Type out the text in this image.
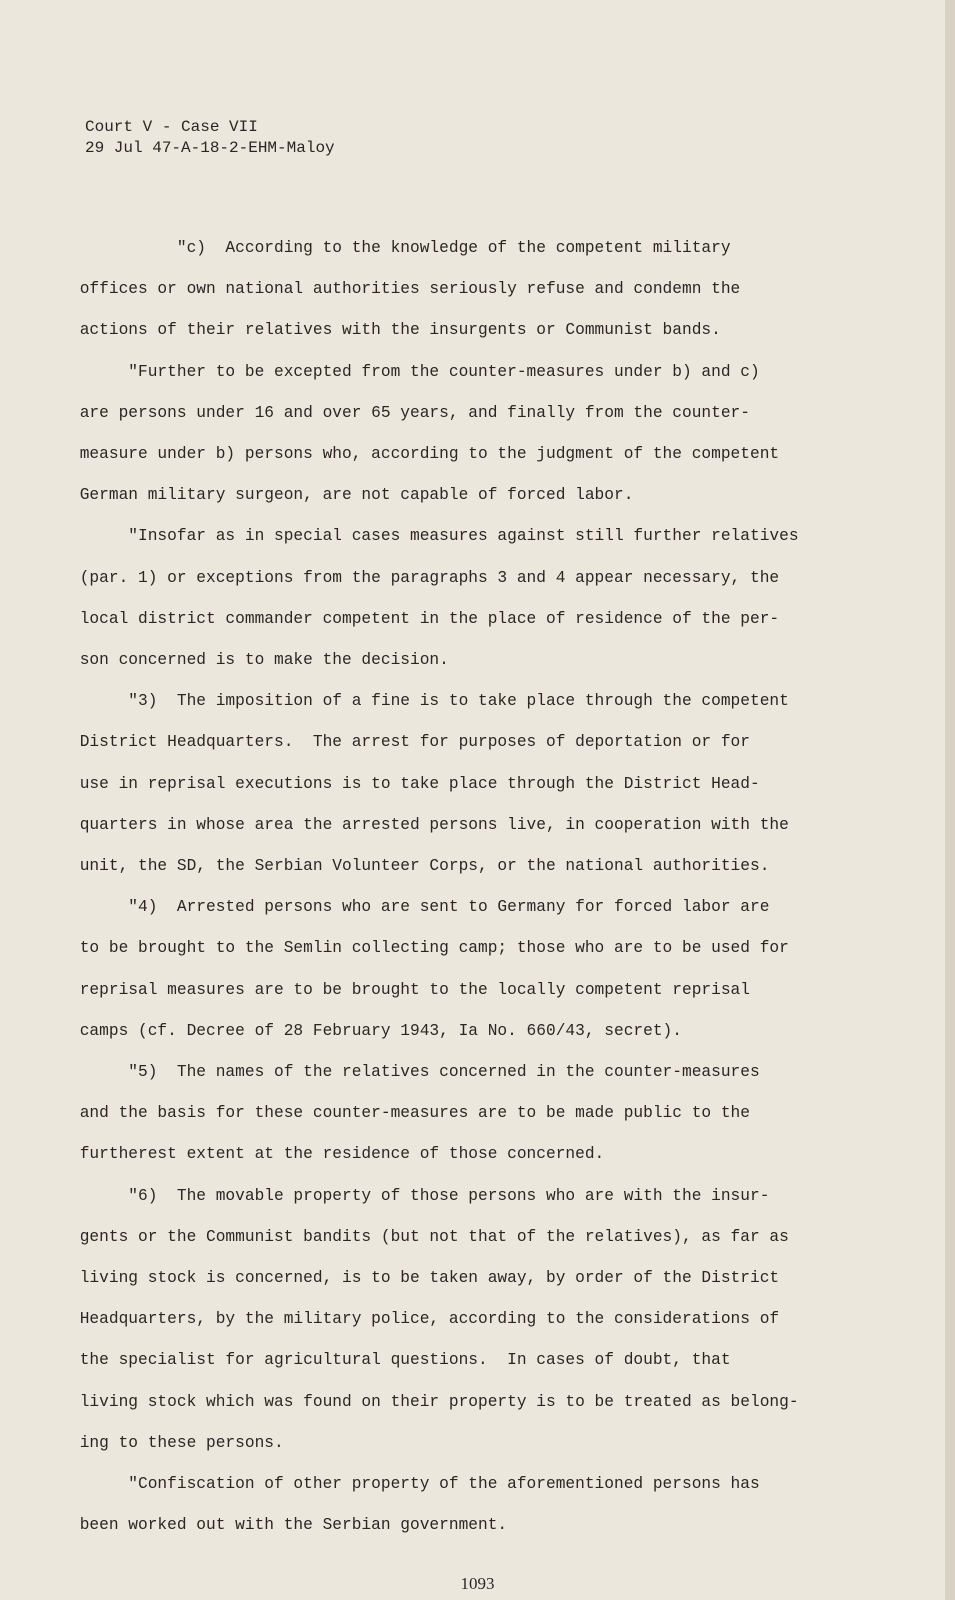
Court V - Case VII
29 Jul 47-A-18-2-EHM-Maloy
"c)  According to the knowledge of the competent military
offices or own national authorities seriously refuse and condemn the
actions of their relatives with the insurgents or Communist bands.
"Further to be excepted from the counter-measures under b) and c)
are persons under 16 and over 65 years, and finally from the counter-
measure under b) persons who, according to the judgment of the competent
German military surgeon, are not capable of forced labor.
"Insofar as in special cases measures against still further relatives
(par. 1) or exceptions from the paragraphs 3 and 4 appear necessary, the
local district commander competent in the place of residence of the per-
son concerned is to make the decision.
"3)  The imposition of a fine is to take place through the competent
District Headquarters.  The arrest for purposes of deportation or for
use in reprisal executions is to take place through the District Head-
quarters in whose area the arrested persons live, in cooperation with the
unit, the SD, the Serbian Volunteer Corps, or the national authorities.
"4)  Arrested persons who are sent to Germany for forced labor are
to be brought to the Semlin collecting camp; those who are to be used for
reprisal measures are to be brought to the locally competent reprisal
camps (cf. Decree of 28 February 1943, Ia No. 660/43, secret).
"5)  The names of the relatives concerned in the counter-measures
and the basis for these counter-measures are to be made public to the
furtherest extent at the residence of those concerned.
"6)  The movable property of those persons who are with the insur-
gents or the Communist bandits (but not that of the relatives), as far as
living stock is concerned, is to be taken away, by order of the District
Headquarters, by the military police, according to the considerations of
the specialist for agricultural questions.  In cases of doubt, that
living stock which was found on their property is to be treated as belong-
ing to these persons.
"Confiscation of other property of the aforementioned persons has
been worked out with the Serbian government.
1093
